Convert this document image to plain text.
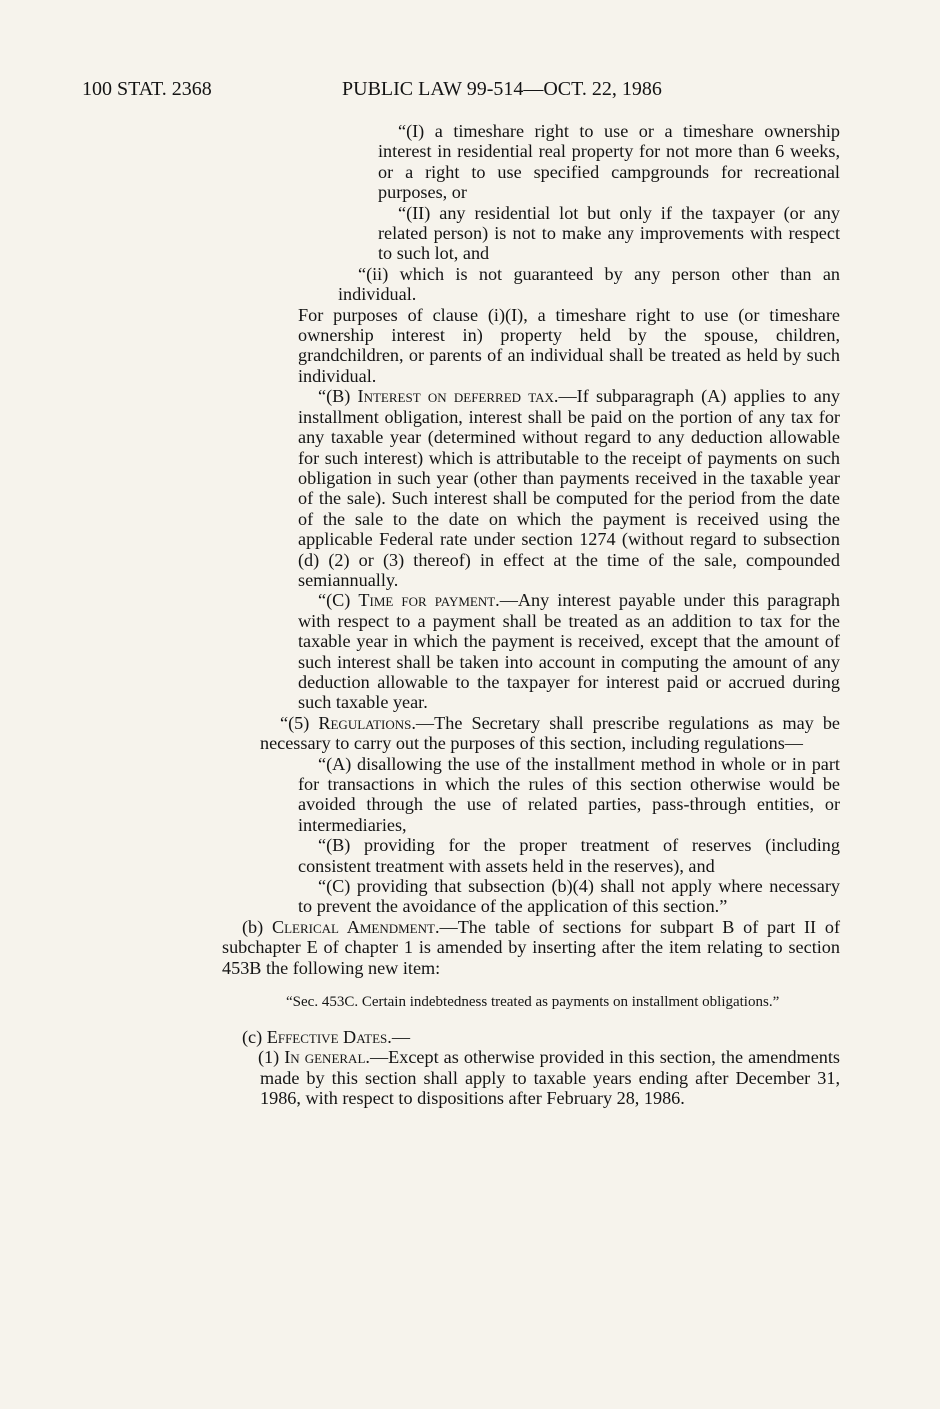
100 STAT. 2368	PUBLIC LAW 99-514—OCT. 22, 1986

“(I) a timeshare right to use or a timeshare ownership interest in residential real property for not more than 6 weeks, or a right to use specified campgrounds for recreational purposes, or

“(II) any residential lot but only if the taxpayer (or any related person) is not to make any improvements with respect to such lot, and

“(ii) which is not guaranteed by any person other than an individual.

For purposes of clause (i)(I), a timeshare right to use (or timeshare ownership interest in) property held by the spouse, children, grandchildren, or parents of an individual shall be treated as held by such individual.

“(B) Interest on deferred tax.—If subparagraph (A) applies to any installment obligation, interest shall be paid on the portion of any tax for any taxable year (determined without regard to any deduction allowable for such interest) which is attributable to the receipt of payments on such obligation in such year (other than payments received in the taxable year of the sale). Such interest shall be computed for the period from the date of the sale to the date on which the payment is received using the applicable Federal rate under section 1274 (without regard to subsection (d) (2) or (3) thereof) in effect at the time of the sale, compounded semiannually.

“(C) Time for payment.—Any interest payable under this paragraph with respect to a payment shall be treated as an addition to tax for the taxable year in which the payment is received, except that the amount of such interest shall be taken into account in computing the amount of any deduction allowable to the taxpayer for interest paid or accrued during such taxable year.

“(5) Regulations.—The Secretary shall prescribe regulations as may be necessary to carry out the purposes of this section, including regulations—

“(A) disallowing the use of the installment method in whole or in part for transactions in which the rules of this section otherwise would be avoided through the use of related parties, pass-through entities, or intermediaries,

“(B) providing for the proper treatment of reserves (including consistent treatment with assets held in the reserves), and

“(C) providing that subsection (b)(4) shall not apply where necessary to prevent the avoidance of the application of this section.”

(b) Clerical Amendment.—The table of sections for subpart B of part II of subchapter E of chapter 1 is amended by inserting after the item relating to section 453B the following new item:

“Sec. 453C. Certain indebtedness treated as payments on installment obligations.”

(c) Effective Dates.—

(1) In general.—Except as otherwise provided in this section, the amendments made by this section shall apply to taxable years ending after December 31, 1986, with respect to dispositions after February 28, 1986.
